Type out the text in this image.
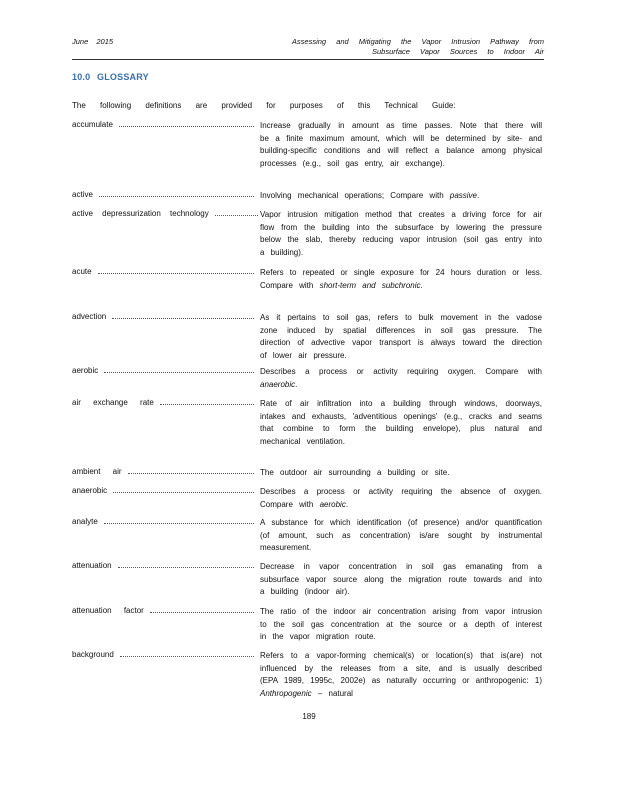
June 2015	Assessing and Mitigating the Vapor Intrusion Pathway from Subsurface Vapor Sources to Indoor Air
10.0 GLOSSARY
The following definitions are provided for purposes of this Technical Guide:
accumulate	Increase gradually in amount as time passes. Note that there will be a finite maximum amount, which will be determined by site- and building-specific conditions and will reflect a balance among physical processes (e.g., soil gas entry, air exchange).
active	Involving mechanical operations; Compare with passive.
active depressurization technology	Vapor intrusion mitigation method that creates a driving force for air flow from the building into the subsurface by lowering the pressure below the slab, thereby reducing vapor intrusion (soil gas entry into a building).
acute	Refers to repeated or single exposure for 24 hours duration or less. Compare with short-term and subchronic.
advection	As it pertains to soil gas, refers to bulk movement in the vadose zone induced by spatial differences in soil gas pressure. The direction of advective vapor transport is always toward the direction of lower air pressure.
aerobic	Describes a process or activity requiring oxygen. Compare with anaerobic.
air exchange rate	Rate of air infiltration into a building through windows, doorways, intakes and exhausts, 'adventitious openings' (e.g., cracks and seams that combine to form the building envelope), plus natural and mechanical ventilation.
ambient air	The outdoor air surrounding a building or site.
anaerobic	Describes a process or activity requiring the absence of oxygen. Compare with aerobic.
analyte	A substance for which identification (of presence) and/or quantification (of amount, such as concentration) is/are sought by instrumental measurement.
attenuation	Decrease in vapor concentration in soil gas emanating from a subsurface vapor source along the migration route towards and into a building (indoor air).
attenuation factor	The ratio of the indoor air concentration arising from vapor intrusion to the soil gas concentration at the source or a depth of interest in the vapor migration route.
background	Refers to a vapor-forming chemical(s) or location(s) that is(are) not influenced by the releases from a site, and is usually described (EPA 1989, 1995c, 2002e) as naturally occurring or anthropogenic: 1) Anthropogenic – natural
189
